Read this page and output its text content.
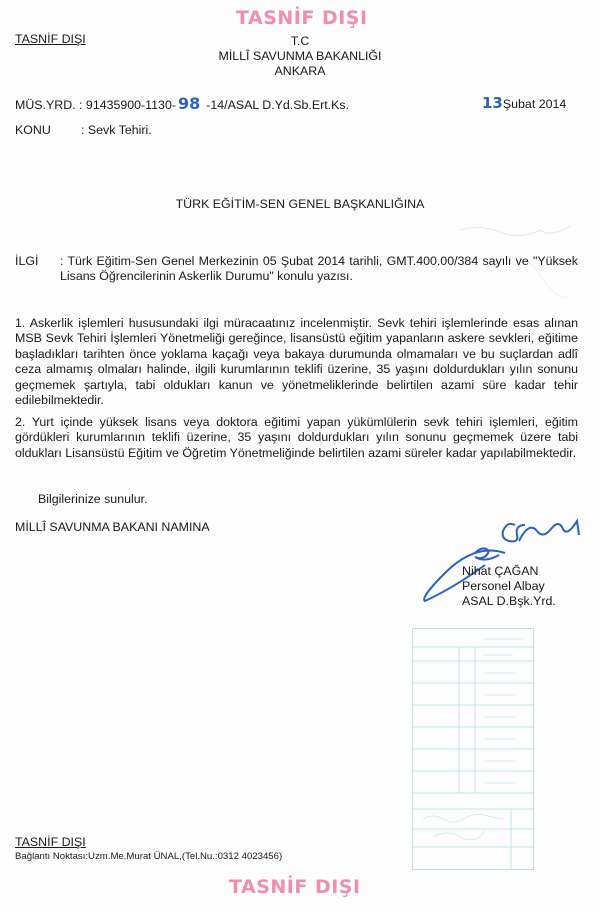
TASNİF DIŞI
TASNİF DIŞI	T.C
MİLLÎ SAVUNMA BAKANLIĞI
ANKARA
MÜS.YRD. : 91435900-1130- 98 -14/ASAL D.Yd.Sb.Ert.Ks.	13Şubat 2014
KONU : Sevk Tehiri.
TÜRK EĞİTİM-SEN GENEL BAŞKANLIĞINA
İLGİ : Türk Eğitim-Sen Genel Merkezinin 05 Şubat 2014 tarihli, GMT.400.00/384 sayılı ve "Yüksek Lisans Öğrencilerinin Askerlik Durumu" konulu yazısı.
1. Askerlik işlemleri hususundaki ilgi müracaatınız incelenmiştir. Sevk tehiri işlemlerinde esas alınan MSB Sevk Tehiri İşlemleri Yönetmeliği gereğince, lisansüstü eğitim yapanların askere sevkleri, eğitime başladıkları tarihten önce yoklama kaçağı veya bakaya durumunda olmamaları ve bu suçlardan adlî ceza almamış olmaları halinde, ilgili kurumlarının teklifi üzerine, 35 yaşını doldurdukları yılın sonunu geçmemek şartıyla, tabi oldukları kanun ve yönetmeliklerinde belirtilen azami süre kadar tehir edilebilmektedir.
2. Yurt içinde yüksek lisans veya doktora eğitimi yapan yükümlülerin sevk tehiri işlemleri, eğitim gördükleri kurumlarının teklifi üzerine, 35 yaşını doldurdukları yılın sonunu geçmemek üzere tabi oldukları Lisansüstü Eğitim ve Öğretim Yönetmeliğinde belirtilen azami süreler kadar yapılabilmektedir.
Bilgilerinize sunulur.
MİLLÎ SAVUNMA BAKANI NAMINA
Nihat ÇAĞAN
Personel Albay
ASAL D.Bşk.Yrd.
TASNİF DIŞI
Bağlantı Noktası:Uzm.Me.Murat ÜNAL,(Tel.Nu.:0312 4023456)
TASNİF DIŞI
